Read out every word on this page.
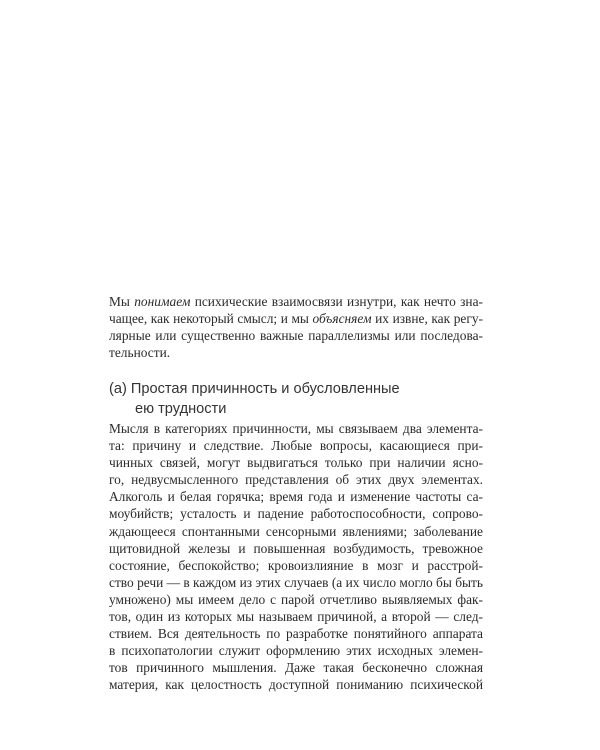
Мы понимаем психические взаимосвязи изнутри, как нечто зна-
чащее, как некоторый смысл; и мы объясняем их извне, как регу-
лярные или существенно важные параллелизмы или последова-
тельности.

(a) Простая причинность и обусловленные
ею трудности

Мысля в категориях причинности, мы связываем два элемента-
та: причину и следствие. Любые вопросы, касающиеся при-
чинных связей, могут выдвигаться только при наличии ясно-
го, недвусмысленного представления об этих двух элементах.
Алкоголь и белая горячка; время года и изменение частоты са-
моубийств; усталость и падение работоспособности, сопрово-
ждающееся спонтанными сенсорными явлениями; заболевание
щитовидной железы и повышенная возбудимость, тревожное
состояние, беспокойство; кровоизлияние в мозг и расстрой-
ство речи — в каждом из этих случаев (а их число могло бы быть
умножено) мы имеем дело с парой отчетливо выявляемых фак-
тов, один из которых мы называем причиной, а второй — след-
ствием. Вся деятельность по разработке понятийного аппарата
в психопатологии служит оформлению этих исходных элемен-
тов причинного мышления. Даже такая бесконечно сложная
материя, как целостность доступной пониманию психической
